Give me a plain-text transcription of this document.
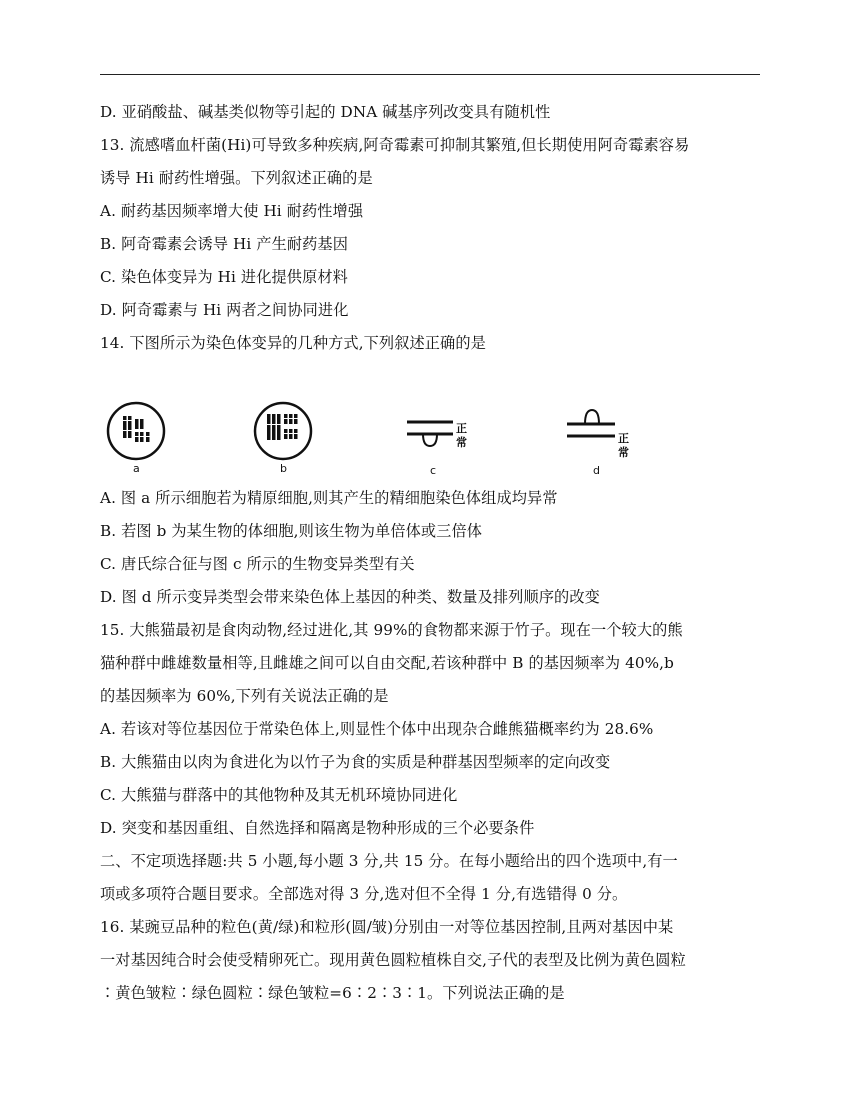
D. 亚硝酸盐、碱基类似物等引起的 DNA 碱基序列改变具有随机性
13. 流感嗜血杆菌(Hi)可导致多种疾病,阿奇霉素可抑制其繁殖,但长期使用阿奇霉素容易
诱导 Hi 耐药性增强。下列叙述正确的是
A. 耐药基因频率增大使 Hi 耐药性增强
B. 阿奇霉素会诱导 Hi 产生耐药基因
C. 染色体变异为 Hi 进化提供原材料
D. 阿奇霉素与 Hi 两者之间协同进化
14. 下图所示为染色体变异的几种方式,下列叙述正确的是
a	b
正
常
c
正
常
d
A. 图 a 所示细胞若为精原细胞,则其产生的精细胞染色体组成均异常
B. 若图 b 为某生物的体细胞,则该生物为单倍体或三倍体
C. 唐氏综合征与图 c 所示的生物变异类型有关
D. 图 d 所示变异类型会带来染色体上基因的种类、数量及排列顺序的改变
15. 大熊猫最初是食肉动物,经过进化,其 99%的食物都来源于竹子。现在一个较大的熊
猫种群中雌雄数量相等,且雌雄之间可以自由交配,若该种群中 B 的基因频率为 40%,b
的基因频率为 60%,下列有关说法正确的是
A. 若该对等位基因位于常染色体上,则显性个体中出现杂合雌熊猫概率约为 28.6%
B. 大熊猫由以肉为食进化为以竹子为食的实质是种群基因型频率的定向改变
C. 大熊猫与群落中的其他物种及其无机环境协同进化
D. 突变和基因重组、自然选择和隔离是物种形成的三个必要条件
二、不定项选择题:共 5 小题,每小题 3 分,共 15 分。在每小题给出的四个选项中,有一
项或多项符合题目要求。全部选对得 3 分,选对但不全得 1 分,有选错得 0 分。
16. 某豌豆品种的粒色(黄/绿)和粒形(圆/皱)分别由一对等位基因控制,且两对基因中某
一对基因纯合时会使受精卵死亡。现用黄色圆粒植株自交,子代的表型及比例为黄色圆粒
∶黄色皱粒∶绿色圆粒∶绿色皱粒=6∶2∶3∶1。下列说法正确的是
